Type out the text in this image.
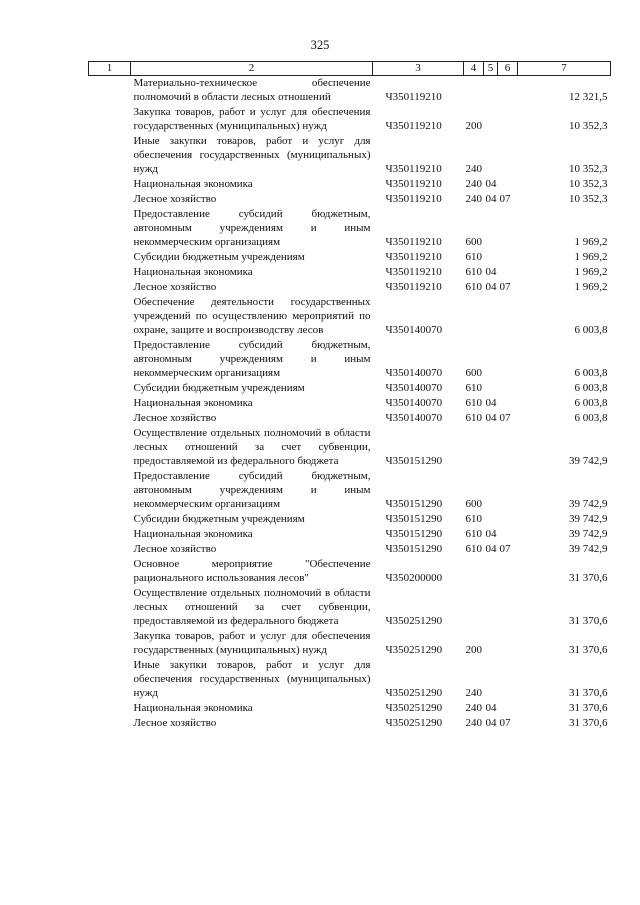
325
1	2	3	4	5	6	7
	Материально-техническое обеспечение полномочий в области лесных отношений	Ч350119210				12 321,5
	Закупка товаров, работ и услуг для обеспечения государственных (муниципальных) нужд	Ч350119210	200			10 352,3
	Иные закупки товаров, работ и услуг для обеспечения государственных (муниципальных) нужд	Ч350119210	240			10 352,3
	Национальная экономика	Ч350119210	240	04		10 352,3
	Лесное хозяйство	Ч350119210	240	04	07	10 352,3
	Предоставление субсидий бюджетным, автономным учреждениям и иным некоммерческим организациям	Ч350119210	600			1 969,2
	Субсидии бюджетным учреждениям	Ч350119210	610			1 969,2
	Национальная экономика	Ч350119210	610	04		1 969,2
	Лесное хозяйство	Ч350119210	610	04	07	1 969,2
	Обеспечение деятельности государственных учреждений по осуществлению мероприятий по охране, защите и воспроизводству лесов	Ч350140070				6 003,8
	Предоставление субсидий бюджетным, автономным учреждениям и иным некоммерческим организациям	Ч350140070	600			6 003,8
	Субсидии бюджетным учреждениям	Ч350140070	610			6 003,8
	Национальная экономика	Ч350140070	610	04		6 003,8
	Лесное хозяйство	Ч350140070	610	04	07	6 003,8
	Осуществление отдельных полномочий в области лесных отношений за счет субвенции, предоставляемой из федерального бюджета	Ч350151290				39 742,9
	Предоставление субсидий бюджетным, автономным учреждениям и иным некоммерческим организациям	Ч350151290	600			39 742,9
	Субсидии бюджетным учреждениям	Ч350151290	610			39 742,9
	Национальная экономика	Ч350151290	610	04		39 742,9
	Лесное хозяйство	Ч350151290	610	04	07	39 742,9
	Основное мероприятие "Обеспечение рационального использования лесов"	Ч350200000				31 370,6
	Осуществление отдельных полномочий в области лесных отношений за счет субвенции, предоставляемой из федерального бюджета	Ч350251290				31 370,6
	Закупка товаров, работ и услуг для обеспечения государственных (муниципальных) нужд	Ч350251290	200			31 370,6
	Иные закупки товаров, работ и услуг для обеспечения государственных (муниципальных) нужд	Ч350251290	240			31 370,6
	Национальная экономика	Ч350251290	240	04		31 370,6
	Лесное хозяйство	Ч350251290	240	04	07	31 370,6
